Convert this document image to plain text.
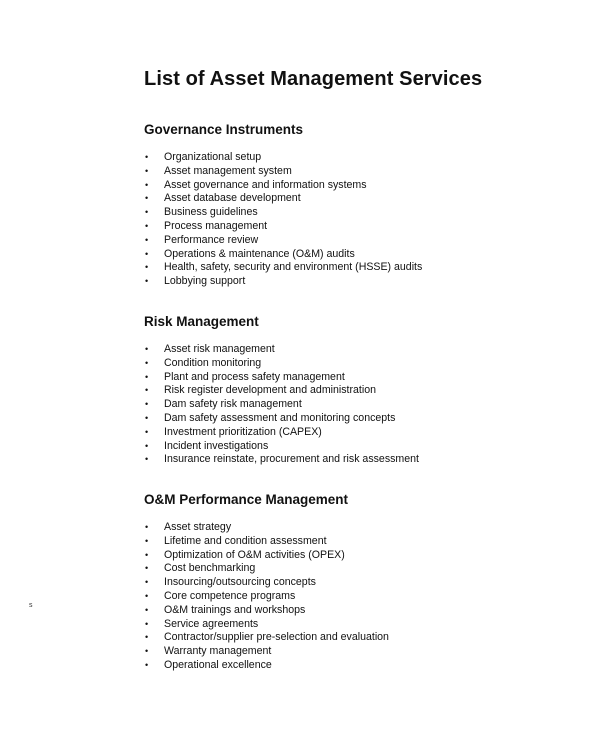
List of Asset Management Services
Governance Instruments
• Organizational setup
• Asset management system
• Asset governance and information systems
• Asset database development
• Business guidelines
• Process management
• Performance review
• Operations & maintenance (O&M) audits
• Health, safety, security and environment (HSSE) audits
• Lobbying support
Risk Management
• Asset risk management
• Condition monitoring
• Plant and process safety management
• Risk register development and administration
• Dam safety risk management
• Dam safety assessment and monitoring concepts
• Investment prioritization (CAPEX)
• Incident investigations
• Insurance reinstate, procurement and risk assessment
O&M Performance Management
• Asset strategy
• Lifetime and condition assessment
• Optimization of O&M activities (OPEX)
• Cost benchmarking
• Insourcing/outsourcing concepts
• Core competence programs
• O&M trainings and workshops
• Service agreements
• Contractor/supplier pre-selection and evaluation
• Warranty management
• Operational excellence
s
